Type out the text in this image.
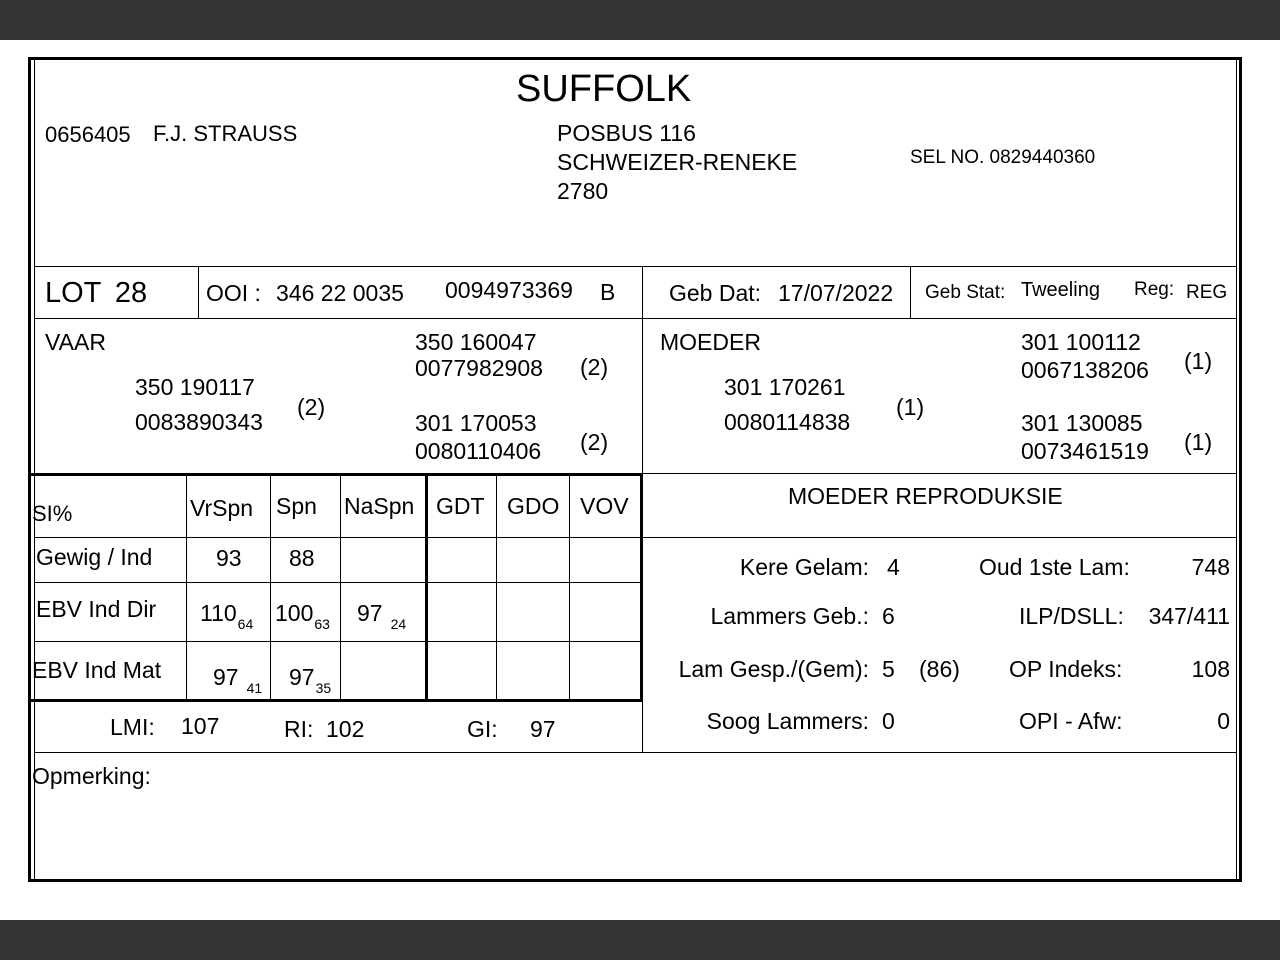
SUFFOLK
0656405 F.J. STRAUSS	POSBUS 116
SCHWEIZER-RENEKE
2780
SEL NO. 0829440360
LOT 28	OOI : 346 22 0035 0094973369 B Geb Dat: 17/07/2022 Geb Stat: Tweeling Reg: REG
VAAR
350 190117
0083890343
(2)
350 160047
0077982908 (2)
301 170053
0080110406 (2)
MOEDER
301 170261
0080114838
(1)
301 100112
0067138206 (1)
301 130085
0073461519 (1)
SI%	VrSpn Spn NaSpn GDT GDO VOV
Gewig / Ind	93 88
EBV Ind Dir $110_{64}$ $100_{63}$ 97 $_{24}$
EBV Ind Mat 97 $_{41}$ $97_{35}$
LMI: 107	RI: 102	GI: 97
MOEDER REPRODUKSIE
Kere Gelam: 4	Oud 1ste Lam:	748
Lammers Geb.: 6	ILP/DSLL: 347/411
Lam Gesp./(Gem): 5 (86) OP Indeks:	108
Soog Lammers: 0	OPI - Afw:	0
Opmerking:
